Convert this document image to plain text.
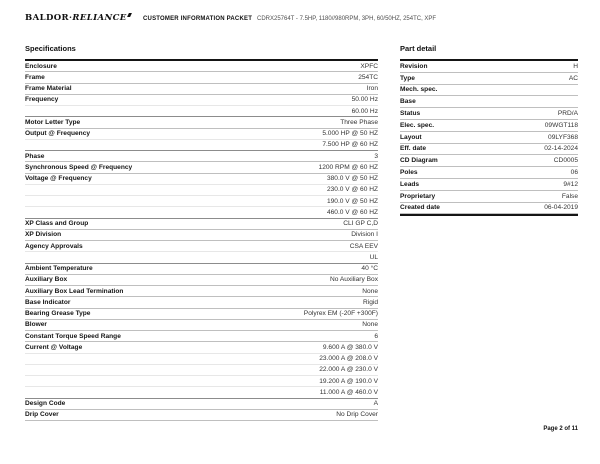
BALDOR·RELIANCE	CUSTOMER INFORMATION PACKET CDRX25764T - 7.5HP, 1180//980RPM, 3PH, 60/50HZ, 254TC, XPF
Specifications
Enclosure	XPFC
Frame	254TC
Frame Material	Iron
Frequency	50.00 Hz
60.00 Hz
Motor Letter Type	Three Phase
Output @ Frequency	5.000 HP @ 50 HZ
7.500 HP @ 60 HZ
Phase	3
Synchronous Speed @ Frequency	1200 RPM @ 60 HZ
Voltage @ Frequency	380.0 V @ 50 HZ
230.0 V @ 60 HZ
190.0 V @ 50 HZ
460.0 V @ 60 HZ
XP Class and Group	CLI GP C,D
XP Division	Division I
Agency Approvals	CSA EEV
UL
Ambient Temperature	40 °C
Auxiliary Box	No Auxiliary Box
Auxiliary Box Lead Termination	None
Base Indicator	Rigid
Bearing Grease Type	Polyrex EM (-20F +300F)
Blower	None
Constant Torque Speed Range	6
Current @ Voltage	9.600 A @ 380.0 V
23.000 A @ 208.0 V
22.000 A @ 230.0 V
19.200 A @ 190.0 V
11.000 A @ 460.0 V
Design Code	A
Drip Cover	No Drip Cover
Part detail
Revision	H
Type	AC
Mech. spec.
Base
Status	PRD/A
Elec. spec.	09WGT118
Layout	09LYF368
Eff. date	02-14-2024
CD Diagram	CD0005
Poles	06
Leads	9#12
Proprietary	False
Created date	06-04-2019
Page 2 of 11
